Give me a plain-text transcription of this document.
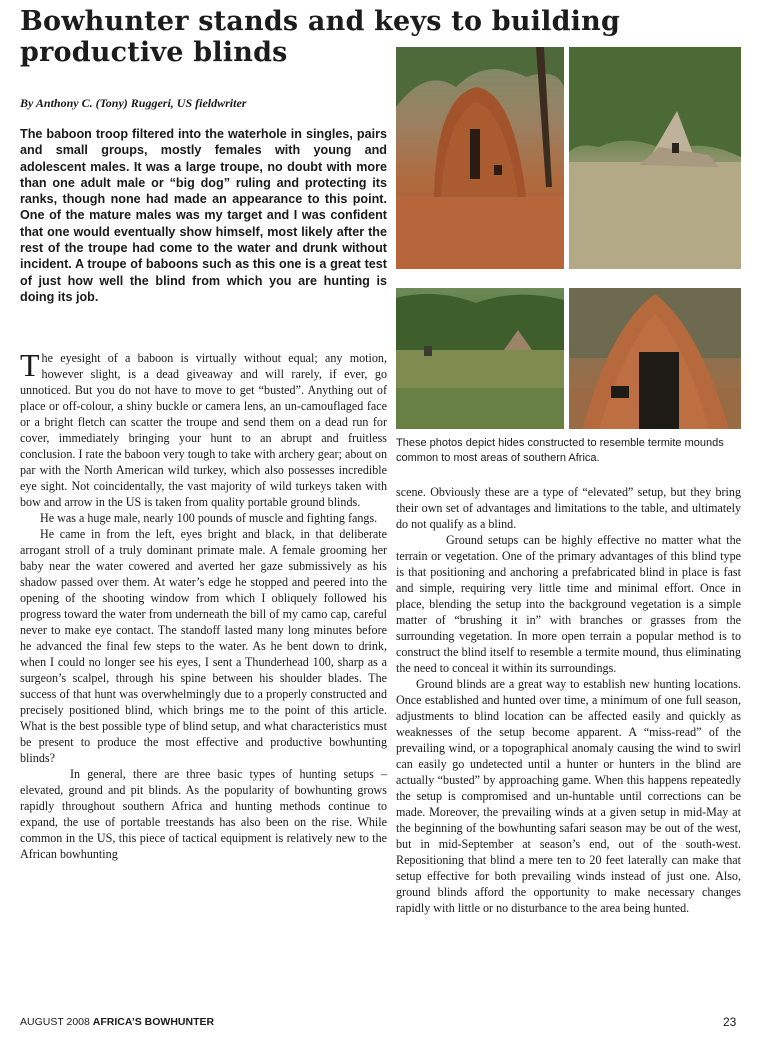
Bowhunter stands and keys to building productive blinds
By Anthony C. (Tony) Ruggeri, US fieldwriter

The baboon troop filtered into the waterhole in singles, pairs and small groups, mostly females with young and adolescent males. It was a large troupe, no doubt with more than one adult male or “big dog” ruling and protecting its ranks, though none had made an appearance to this point. One of the mature males was my target and I was confident that one would eventually show himself, most likely after the rest of the troupe had come to the water and drunk without incident. A troupe of baboons such as this one is a great test of just how well the blind from which you are hunting is doing its job.

The eyesight of a baboon is virtually without equal; any motion, however slight, is a dead giveaway and will rarely, if ever, go unnoticed. But you do not have to move to get “busted”. Anything out of place or off-colour, a shiny buckle or camera lens, an un-camouflaged face or a bright fletch can scatter the troupe and send them on a dead run for cover, immediately bringing your hunt to an abrupt and fruitless conclusion. I rate the baboon very tough to take with archery gear; about on par with the North American wild turkey, which also possesses incredible eye sight. Not coincidentally, the vast majority of wild turkeys taken with bow and arrow in the US is taken from quality portable ground blinds.

He was a huge male, nearly 100 pounds of muscle and fighting fangs.

He came in from the left, eyes bright and black, in that deliberate arrogant stroll of a truly dominant primate male. A female grooming her baby near the water cowered and averted her gaze submissively as his shadow passed over them. At water’s edge he stopped and peered into the opening of the shooting window from which I obliquely followed his progress toward the water from underneath the bill of my camo cap, careful never to make eye contact. The standoff lasted many long minutes before he advanced the final few steps to the water. As he bent down to drink, when I could no longer see his eyes, I sent a Thunderhead 100, sharp as a surgeon’s scalpel, through his spine between his shoulder blades. The success of that hunt was overwhelmingly due to a properly constructed and precisely positioned blind, which brings me to the point of this article. What is the best possible type of blind setup, and what characteristics must be present to produce the most effective and productive bowhunting blinds?

In general, there are three basic types of hunting setups – elevated, ground and pit blinds. As the popularity of bowhunting grows rapidly throughout southern Africa and hunting methods continue to expand, the use of portable treestands has also been on the rise. While common in the US, this piece of tactical equipment is relatively new to the African bowhunting

These photos depict hides constructed to resemble termite mounds common to most areas of southern Africa.

scene. Obviously these are a type of “elevated” setup, but they bring their own set of advantages and limitations to the table, and ultimately do not qualify as a blind.

Ground setups can be highly effective no matter what the terrain or vegetation. One of the primary advantages of this blind type is that positioning and anchoring a prefabricated blind in place is fast and simple, requiring very little time and minimal effort. Once in place, blending the setup into the background vegetation is a simple matter of “brushing it in” with branches or grasses from the surrounding vegetation. In more open terrain a popular method is to construct the blind itself to resemble a termite mound, thus eliminating the need to conceal it within its surroundings.

Ground blinds are a great way to establish new hunting locations. Once established and hunted over time, a minimum of one full season, adjustments to blind location can be affected easily and quickly as weaknesses of the setup become apparent. A “miss-read” of the prevailing wind, or a topographical anomaly causing the wind to swirl can easily go undetected until a hunter or hunters in the blind are actually “busted” by approaching game. When this happens repeatedly the setup is compromised and un-huntable until corrections can be made. Moreover, the prevailing winds at a given setup in mid-May at the beginning of the bowhunting safari season may be out of the west, but in mid-September at season’s end, out of the south-west. Repositioning that blind a mere ten to 20 feet laterally can make that setup effective for both prevailing winds instead of just one. Also, ground blinds afford the opportunity to make necessary changes rapidly with little or no disturbance to the area being hunted.

AUGUST 2008 AFRICA’S BOWHUNTER	23
